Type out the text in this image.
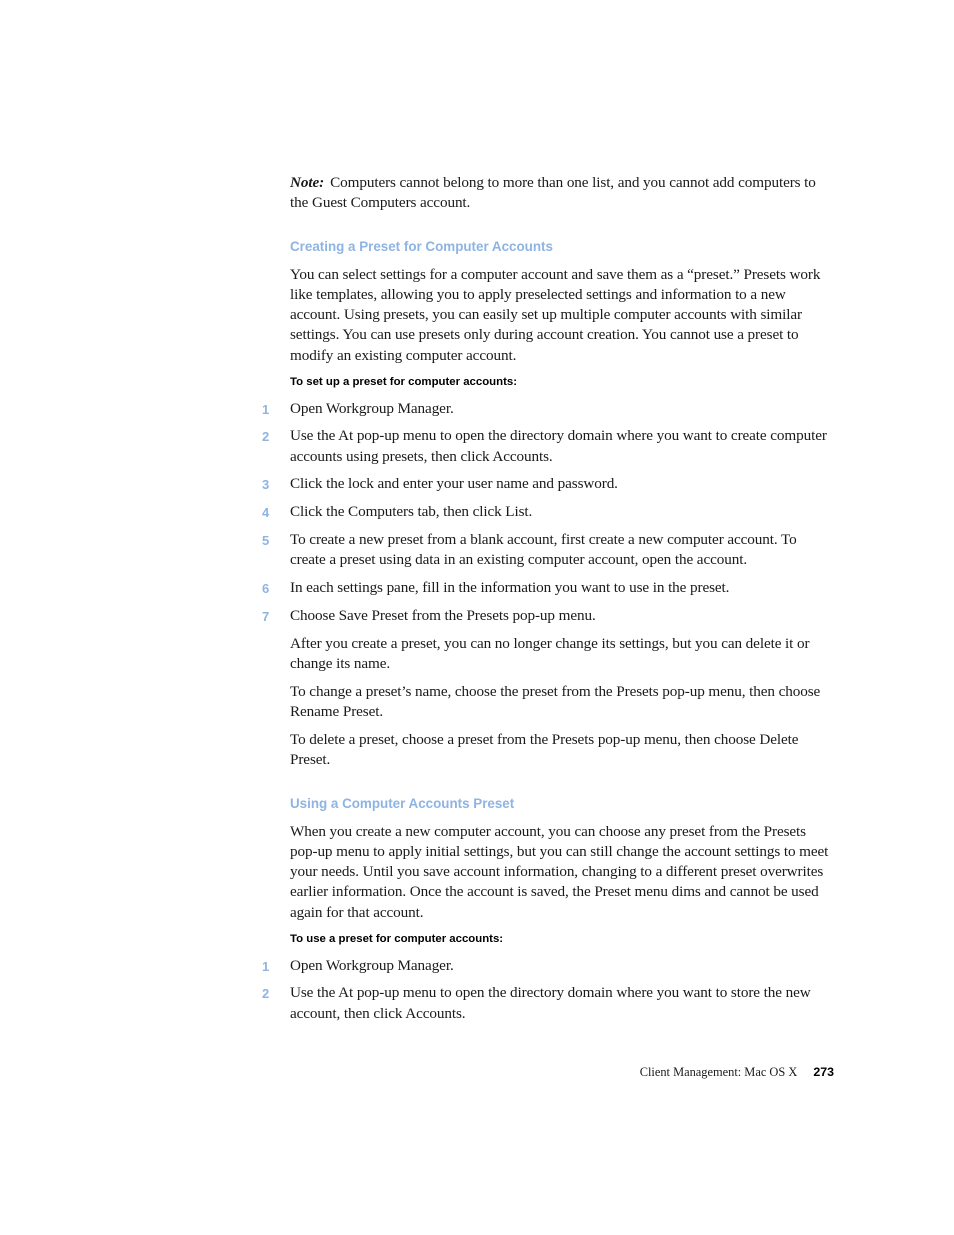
Note: Computers cannot belong to more than one list, and you cannot add computers to the Guest Computers account.

Creating a Preset for Computer Accounts

You can select settings for a computer account and save them as a “preset.” Presets work like templates, allowing you to apply preselected settings and information to a new account. Using presets, you can easily set up multiple computer accounts with similar settings. You can use presets only during account creation. You cannot use a preset to modify an existing computer account.

To set up a preset for computer accounts:
1 Open Workgroup Manager.
2 Use the At pop-up menu to open the directory domain where you want to create computer accounts using presets, then click Accounts.
3 Click the lock and enter your user name and password.
4 Click the Computers tab, then click List.
5 To create a new preset from a blank account, first create a new computer account. To create a preset using data in an existing computer account, open the account.
6 In each settings pane, fill in the information you want to use in the preset.
7 Choose Save Preset from the Presets pop-up menu.

After you create a preset, you can no longer change its settings, but you can delete it or change its name.

To change a preset’s name, choose the preset from the Presets pop-up menu, then choose Rename Preset.

To delete a preset, choose a preset from the Presets pop-up menu, then choose Delete Preset.

Using a Computer Accounts Preset

When you create a new computer account, you can choose any preset from the Presets pop-up menu to apply initial settings, but you can still change the account settings to meet your needs. Until you save account information, changing to a different preset overwrites earlier information. Once the account is saved, the Preset menu dims and cannot be used again for that account.

To use a preset for computer accounts:
1 Open Workgroup Manager.
2 Use the At pop-up menu to open the directory domain where you want to store the new account, then click Accounts.
Client Management: Mac OS X 273
